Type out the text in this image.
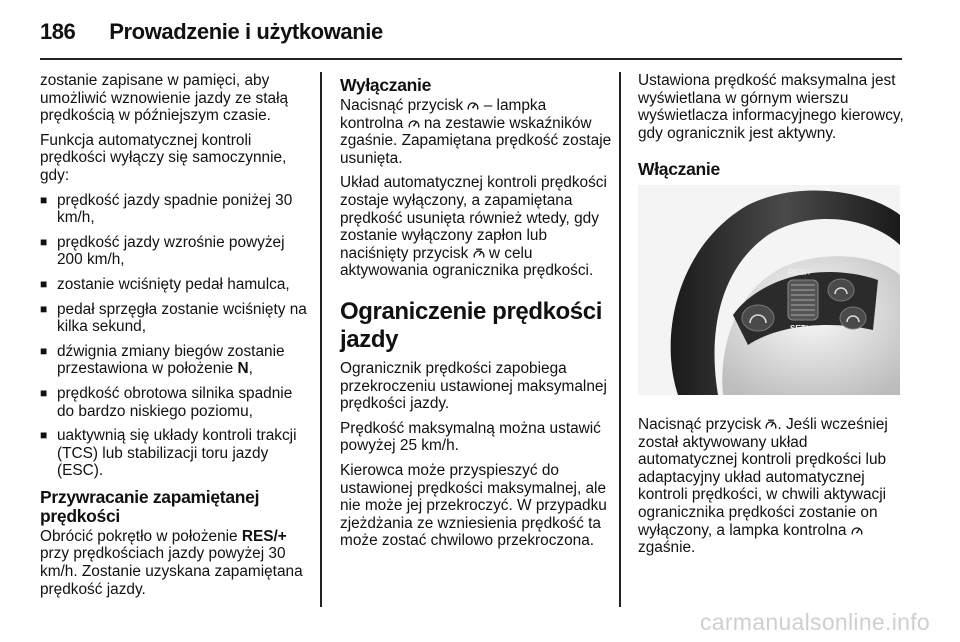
186 Prowadzenie i użytkowanie

zostanie zapisane w pamięci, aby umożliwić wznowienie jazdy ze stałą prędkością w późniejszym czasie.

Funkcja automatycznej kontroli prędkości wyłączy się samoczynnie, gdy:

■ prędkość jazdy spadnie poniżej 30 km/h,
■ prędkość jazdy wzrośnie powyżej 200 km/h,
■ zostanie wciśnięty pedał hamulca,
■ pedał sprzęgła zostanie wciśnięty na kilka sekund,
■ dźwignia zmiany biegów zostanie przestawiona w położenie N,
■ prędkość obrotowa silnika spadnie do bardzo niskiego poziomu,
■ uaktywnią się układy kontroli trakcji (TCS) lub stabilizacji toru jazdy (ESC).
Przywracanie zapamiętanej prędkości

Obrócić pokrętło w położenie RES/+ przy prędkościach jazdy powyżej 30 km/h. Zostanie uzyskana zapamiętana prędkość jazdy.

Wyłączanie

Nacisnąć przycisk  – lampka kontrolna  na zestawie wskaźników zgaśnie. Zapamiętana prędkość zostaje usunięta.

Układ automatycznej kontroli prędkości zostaje wyłączony, a zapamiętana prędkość usunięta również wtedy, gdy zostanie wyłączony zapłon lub naciśnięty przycisk  w celu aktywowania ogranicznika prędkości.

Ograniczenie prędkości jazdy

Ogranicznik prędkości zapobiega przekroczeniu ustawionej maksymalnej prędkości jazdy.

Prędkość maksymalną można ustawić powyżej 25 km/h.

Kierowca może przyspieszyć do ustawionej prędkości maksymalnej, ale nie może jej przekroczyć. W przypadku zjeżdżania ze wzniesienia prędkość ta może zostać chwilowo przekroczona.

Ustawiona prędkość maksymalna jest wyświetlana w górnym wierszu wyświetlacza informacyjnego kierowcy, gdy ogranicznik jest aktywny.

Włączanie
RES/+
SET/-

Nacisnąć przycisk . Jeśli wcześniej został aktywowany układ automatycznej kontroli prędkości lub adaptacyjny układ automatycznej kontroli prędkości, w chwili aktywacji ogranicznika prędkości zostanie on wyłączony, a lampka kontrolna  zgaśnie.

carmanualsonline.info
